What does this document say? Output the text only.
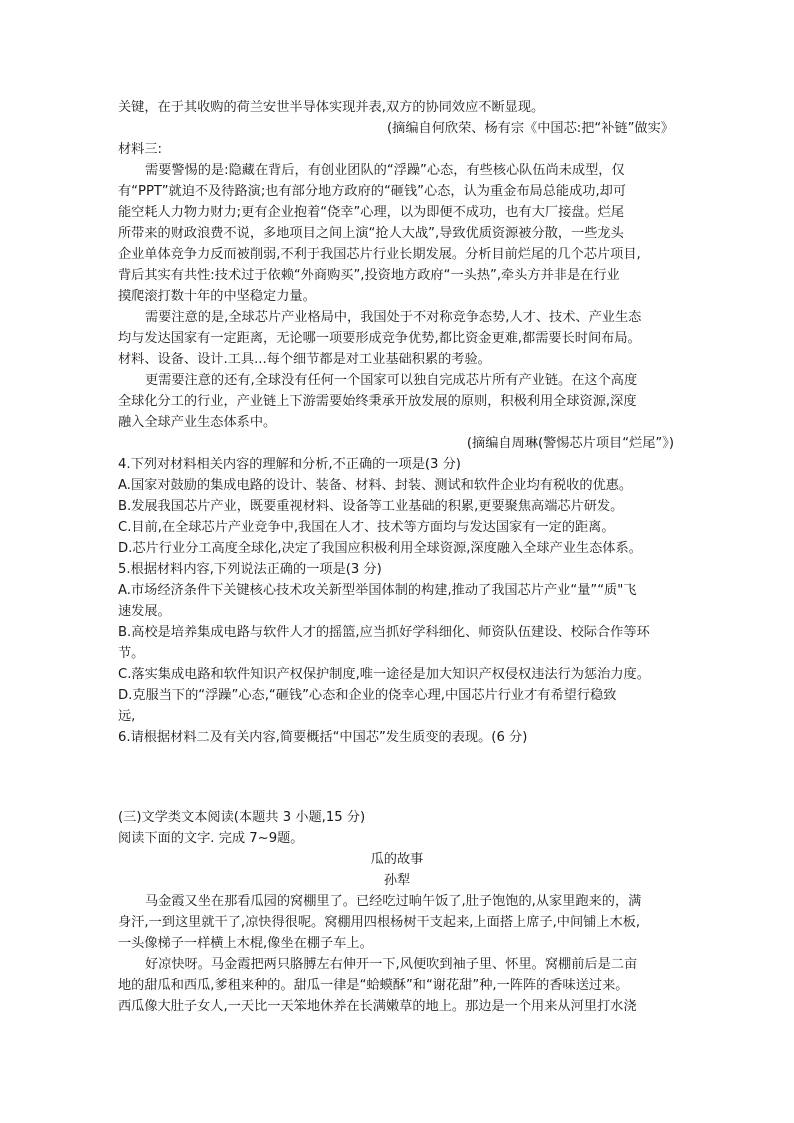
关键，在于其收购的荷兰安世半导体实现并表,双方的协同效应不断显现。
(摘编自何欣荣、杨有宗《中国芯:把“补链”做实》
材料三:
需要警惕的是:隐藏在背后，有创业团队的“浮躁”心态，有些核心队伍尚未成型，仅
有“PPT”就迫不及待路演;也有部分地方政府的“砸钱”心态，认为重金布局总能成功,却可
能空耗人力物力财力;更有企业抱着“侥幸”心理，以为即便不成功，也有大厂接盘。烂尾
所带来的财政浪费不说，多地项目之间上演“抢人大战”,导致优质资源被分散，一些龙头
企业单体竞争力反而被削弱,不利于我国芯片行业长期发展。分析目前烂尾的几个芯片项目,
背后其实有共性:技术过于依赖“外商购买”,投资地方政府“一头热”,牵头方并非是在行业
摸爬滚打数十年的中坚稳定力量。
需要注意的是,全球芯片产业格局中，我国处于不对称竞争态势,人才、技术、产业生态
均与发达国家有一定距离，无论哪一项要形成竞争优势,都比资金更难,都需要长时间布局。
材料、设备、设计.工具...每个细节都是对工业基础积累的考验。
更需要注意的还有,全球没有任何一个国家可以独自完成芯片所有产业链。在这个高度
全球化分工的行业，产业链上下游需要始终秉承开放发展的原则，积极利用全球资源,深度
融入全球产业生态体系中。
(摘编自周琳(警惕芯片项目“烂尾”》)
4.下列对材料相关内容的理解和分析,不正确的一项是(3 分)
A.国家对鼓励的集成电路的设计、装备、材料、封装、测试和软件企业均有税收的优惠。
B.发展我国芯片产业，既要重视材料、设备等工业基础的积累,更要聚焦高端芯片研发。
C.目前,在全球芯片产业竞争中,我国在人才、技术等方面均与发达国家有一定的距离。
D.芯片行业分工高度全球化,决定了我国应积极利用全球资源,深度融入全球产业生态体系。
5.根据材料内容,下列说法正确的一项是(3 分)
A.市场经济条件下关键核心技术攻关新型举国体制的构建,推动了我国芯片产业“量”“质"飞
速发展。
B.高校是培养集成电路与软件人才的摇篮,应当抓好学科细化、师资队伍建设、校际合作等环
节。
C.落实集成电路和软件知识产权保护制度,唯一途径是加大知识产权侵权违法行为惩治力度。
D.克服当下的“浮躁”心态,“砸钱”心态和企业的侥幸心理,中国芯片行业才有希望行稳致
远,
6.请根据材料二及有关内容,简要概括“中国芯”发生质变的表现。(6 分)
(三)文学类文本阅读(本题共 3 小题,15 分)
阅读下面的文字. 完成 7~9题。
瓜的故事
孙犁
马金霞又坐在那看瓜园的窝棚里了。已经吃过晌午饭了,肚子饱饱的,从家里跑来的，满
身汗,一到这里就干了,凉快得很呢。窝棚用四根杨树干支起来,上面搭上席子,中间铺上木板,
一头像梯子一样横上木棍,像坐在棚子车上。
好凉快呀。马金霞把两只胳膊左右伸开一下,风便吹到袖子里、怀里。窝棚前后是二亩
地的甜瓜和西瓜,爹租来种的。甜瓜一律是“蛤蟆酥”和“谢花甜”种,一阵阵的香味送过来。
西瓜像大肚子女人,一天比一天笨地休养在长满嫩草的地上。那边是一个用来从河里打水浇
